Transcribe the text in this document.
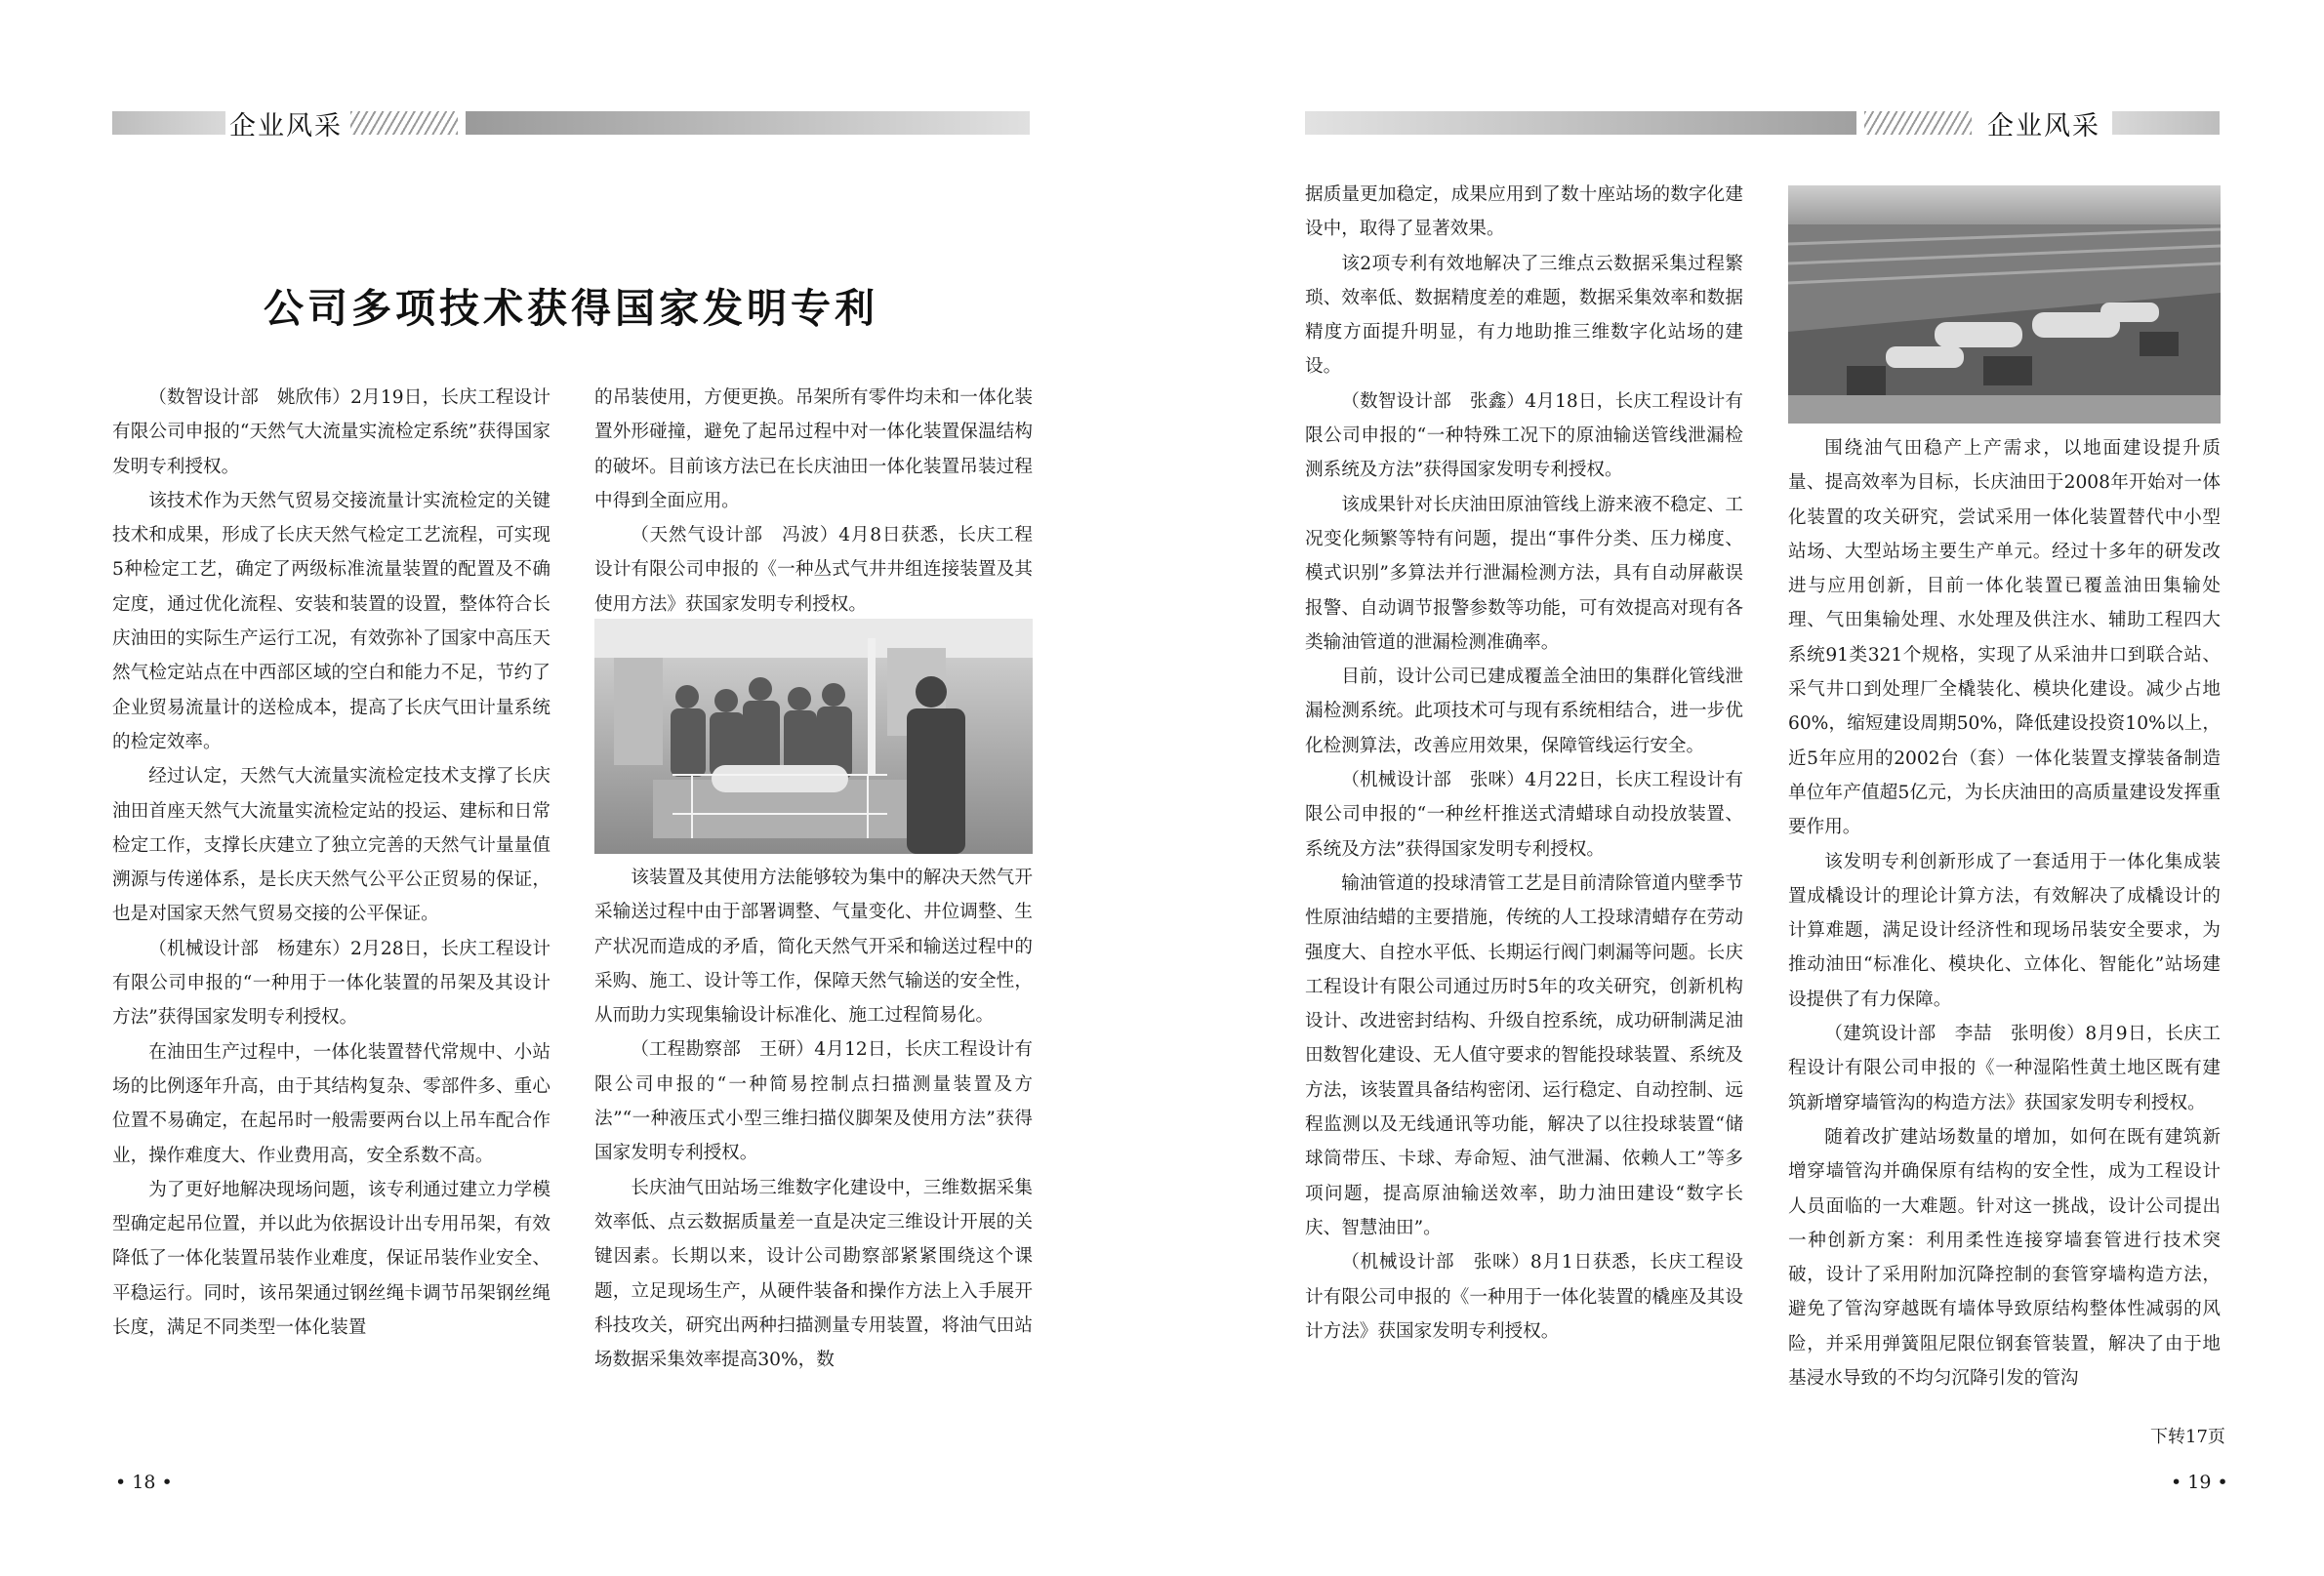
企业风采
公司多项技术获得国家发明专利

（数智设计部　姚欣伟）2月19日，长庆工程设计有限公司申报的“天然气大流量实流检定系统”获得国家发明专利授权。

该技术作为天然气贸易交接流量计实流检定的关键技术和成果，形成了长庆天然气检定工艺流程，可实现5种检定工艺，确定了两级标准流量装置的配置及不确定度，通过优化流程、安装和装置的设置，整体符合长庆油田的实际生产运行工况，有效弥补了国家中高压天然气检定站点在中西部区域的空白和能力不足，节约了企业贸易流量计的送检成本，提高了长庆气田计量系统的检定效率。

经过认定，天然气大流量实流检定技术支撑了长庆油田首座天然气大流量实流检定站的投运、建标和日常检定工作，支撑长庆建立了独立完善的天然气计量量值溯源与传递体系，是长庆天然气公平公正贸易的保证，也是对国家天然气贸易交接的公平保证。

（机械设计部　杨建东）2月28日，长庆工程设计有限公司申报的“一种用于一体化装置的吊架及其设计方法”获得国家发明专利授权。

在油田生产过程中，一体化装置替代常规中、小站场的比例逐年升高，由于其结构复杂、零部件多、重心位置不易确定，在起吊时一般需要两台以上吊车配合作业，操作难度大、作业费用高，安全系数不高。

为了更好地解决现场问题，该专利通过建立力学模型确定起吊位置，并以此为依据设计出专用吊架，有效降低了一体化装置吊装作业难度，保证吊装作业安全、平稳运行。同时，该吊架通过钢丝绳卡调节吊架钢丝绳长度，满足不同类型一体化装置

的吊装使用，方便更换。吊架所有零件均未和一体化装置外形碰撞，避免了起吊过程中对一体化装置保温结构的破坏。目前该方法已在长庆油田一体化装置吊装过程中得到全面应用。

（天然气设计部　冯波）4月8日获悉，长庆工程设计有限公司申报的《一种丛式气井井组连接装置及其使用方法》获国家发明专利授权。

该装置及其使用方法能够较为集中的解决天然气开采输送过程中由于部署调整、气量变化、井位调整、生产状况而造成的矛盾，简化天然气开采和输送过程中的采购、施工、设计等工作，保障天然气输送的安全性，从而助力实现集输设计标准化、施工过程简易化。

（工程勘察部　王研）4月12日，长庆工程设计有限公司申报的“一种简易控制点扫描测量装置及方法”“一种液压式小型三维扫描仪脚架及使用方法”获得国家发明专利授权。

长庆油气田站场三维数字化建设中，三维数据采集效率低、点云数据质量差一直是决定三维设计开展的关键因素。长期以来，设计公司勘察部紧紧围绕这个课题，立足现场生产，从硬件装备和操作方法上入手展开科技攻关，研究出两种扫描测量专用装置，将油气田站场数据采集效率提高30%，数

• 18 •
企业风采

据质量更加稳定，成果应用到了数十座站场的数字化建设中，取得了显著效果。

该2项专利有效地解决了三维点云数据采集过程繁琐、效率低、数据精度差的难题，数据采集效率和数据精度方面提升明显，有力地助推三维数字化站场的建设。

（数智设计部　张鑫）4月18日，长庆工程设计有限公司申报的“一种特殊工况下的原油输送管线泄漏检测系统及方法”获得国家发明专利授权。

该成果针对长庆油田原油管线上游来液不稳定、工况变化频繁等特有问题，提出“事件分类、压力梯度、模式识别”多算法并行泄漏检测方法，具有自动屏蔽误报警、自动调节报警参数等功能，可有效提高对现有各类输油管道的泄漏检测准确率。

目前，设计公司已建成覆盖全油田的集群化管线泄漏检测系统。此项技术可与现有系统相结合，进一步优化检测算法，改善应用效果，保障管线运行安全。

（机械设计部　张咪）4月22日，长庆工程设计有限公司申报的“一种丝杆推送式清蜡球自动投放装置、系统及方法”获得国家发明专利授权。

输油管道的投球清管工艺是目前清除管道内壁季节性原油结蜡的主要措施，传统的人工投球清蜡存在劳动强度大、自控水平低、长期运行阀门刺漏等问题。长庆工程设计有限公司通过历时5年的攻关研究，创新机构设计、改进密封结构、升级自控系统，成功研制满足油田数智化建设、无人值守要求的智能投球装置、系统及方法，该装置具备结构密闭、运行稳定、自动控制、远程监测以及无线通讯等功能，解决了以往投球装置“储球筒带压、卡球、寿命短、油气泄漏、依赖人工”等多项问题，提高原油输送效率，助力油田建设“数字长庆、智慧油田”。

（机械设计部　张咪）8月1日获悉，长庆工程设计有限公司申报的《一种用于一体化装置的橇座及其设计方法》获国家发明专利授权。

围绕油气田稳产上产需求，以地面建设提升质量、提高效率为目标，长庆油田于2008年开始对一体化装置的攻关研究，尝试采用一体化装置替代中小型站场、大型站场主要生产单元。经过十多年的研发改进与应用创新，目前一体化装置已覆盖油田集输处理、气田集输处理、水处理及供注水、辅助工程四大系统91类321个规格，实现了从采油井口到联合站、采气井口到处理厂全橇装化、模块化建设。减少占地60%，缩短建设周期50%，降低建设投资10%以上，近5年应用的2002台（套）一体化装置支撑装备制造单位年产值超5亿元，为长庆油田的高质量建设发挥重要作用。

该发明专利创新形成了一套适用于一体化集成装置成橇设计的理论计算方法，有效解决了成橇设计的计算难题，满足设计经济性和现场吊装安全要求，为推动油田“标准化、模块化、立体化、智能化”站场建设提供了有力保障。

（建筑设计部　李喆　张明俊）8月9日，长庆工程设计有限公司申报的《一种湿陷性黄土地区既有建筑新增穿墙管沟的构造方法》获国家发明专利授权。

随着改扩建站场数量的增加，如何在既有建筑新增穿墙管沟并确保原有结构的安全性，成为工程设计人员面临的一大难题。针对这一挑战，设计公司提出一种创新方案：利用柔性连接穿墙套管进行技术突破，设计了采用附加沉降控制的套管穿墙构造方法，避免了管沟穿越既有墙体导致原结构整体性减弱的风险，并采用弹簧阻尼限位钢套管装置，解决了由于地基浸水导致的不均匀沉降引发的管沟

下转17页
• 19 •
